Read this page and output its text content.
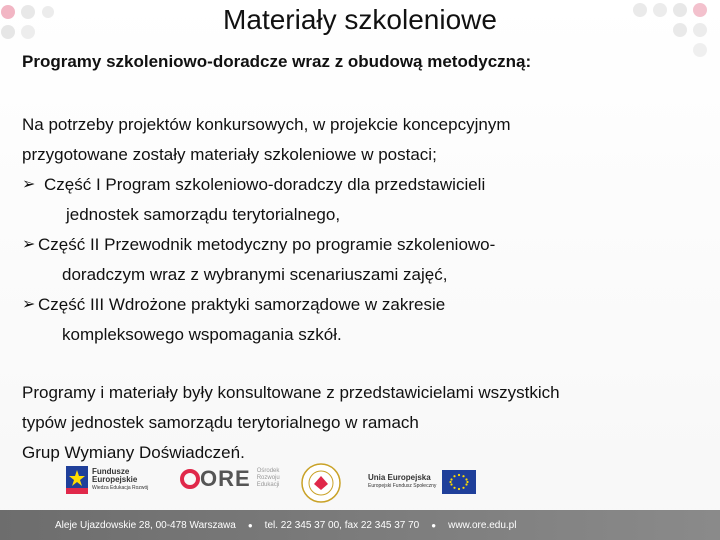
Materiały szkoleniowe
Programy szkoleniowo-doradcze wraz z obudową metodyczną:

Na potrzeby projektów konkursowych, w projekcie koncepcyjnym

przygotowane zostały materiały szkoleniowe w postaci;

➢ Część I Program szkoleniowo-doradczy dla przedstawicieli

jednostek samorządu terytorialnego,

➢ Część II Przewodnik metodyczny po programie szkoleniowo-

doradczym wraz z wybranymi scenariuszami zajęć,

➢ Część III Wdrożone praktyki samorządowe w zakresie

kompleksowego wspomagania szkół.

Programy i materiały były konsultowane z przedstawicielami wszystkich

typów jednostek samorządu terytorialnego w ramach

Grup Wymiany Doświadczeń.

Fundusze
Europejskie
Wiedza Edukacja Rozwój ORE Ośrodek
Rozwoju
Edukacji
Unia Europejska
Europejski Fundusz Społeczny
Aleje Ujazdowskie 28, 00-478 Warszawa ● tel. 22 345 37 00, fax 22 345 37 70 ● www.ore.edu.pl
